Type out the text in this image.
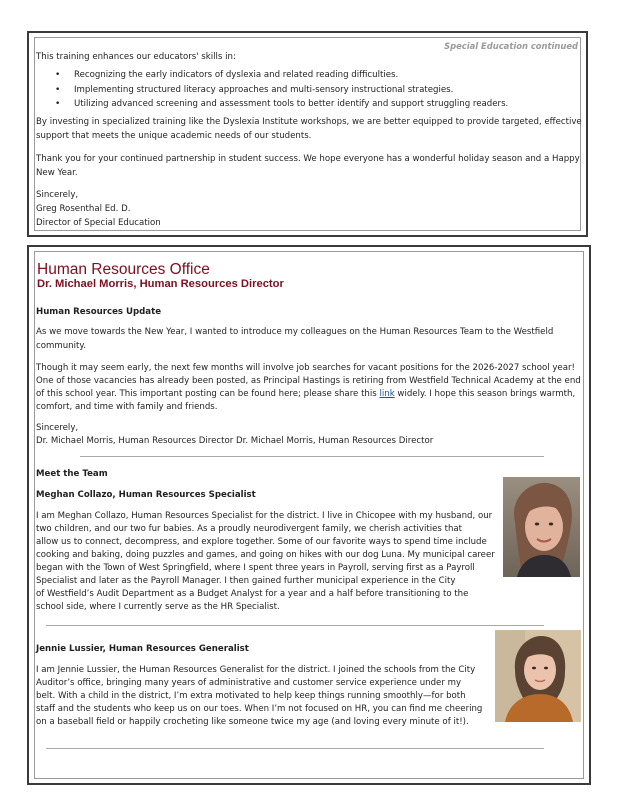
Special Education continued
This training enhances our educators' skills in:
• Recognizing the early indicators of dyslexia and related reading difficulties.
• Implementing structured literacy approaches and multi-sensory instructional strategies.
• Utilizing advanced screening and assessment tools to better identify and support struggling readers.
By investing in specialized training like the Dyslexia Institute workshops, we are better equipped to provide targeted, effective
support that meets the unique academic needs of our students.
Thank you for your continued partnership in student success. We hope everyone has a wonderful holiday season and a Happy
New Year.
Sincerely,
Greg Rosenthal Ed. D.
Director of Special Education
Human Resources Office
Dr. Michael Morris, Human Resources Director
Human Resources Update
As we move towards the New Year, I wanted to introduce my colleagues on the Human Resources Team to the Westfield
community.
Though it may seem early, the next few months will involve job searches for vacant positions for the 2026-2027 school year!
One of those vacancies has already been posted, as Principal Hastings is retiring from Westfield Technical Academy at the end
of this school year. This important posting can be found here; please share this link widely. I hope this season brings warmth,
comfort, and time with family and friends.
Sincerely,
Dr. Michael Morris, Human Resources Director Dr. Michael Morris, Human Resources Director
Meet the Team
Meghan Collazo, Human Resources Specialist
I am Meghan Collazo, Human Resources Specialist for the district. I live in Chicopee with my husband, our
two children, and our two fur babies. As a proudly neurodivergent family, we cherish activities that
allow us to connect, decompress, and explore together. Some of our favorite ways to spend time include
cooking and baking, doing puzzles and games, and going on hikes with our dog Luna. My municipal career
began with the Town of West Springfield, where I spent three years in Payroll, serving first as a Payroll
Specialist and later as the Payroll Manager. I then gained further municipal experience in the City
of Westfield’s Audit Department as a Budget Analyst for a year and a half before transitioning to the
school side, where I currently serve as the HR Specialist.
Jennie Lussier, Human Resources Generalist
I am Jennie Lussier, the Human Resources Generalist for the district. I joined the schools from the City
Auditor’s office, bringing many years of administrative and customer service experience under my
belt. With a child in the district, I’m extra motivated to help keep things running smoothly—for both
staff and the students who keep us on our toes. When I’m not focused on HR, you can find me cheering
on a baseball field or happily crocheting like someone twice my age (and loving every minute of it!).
